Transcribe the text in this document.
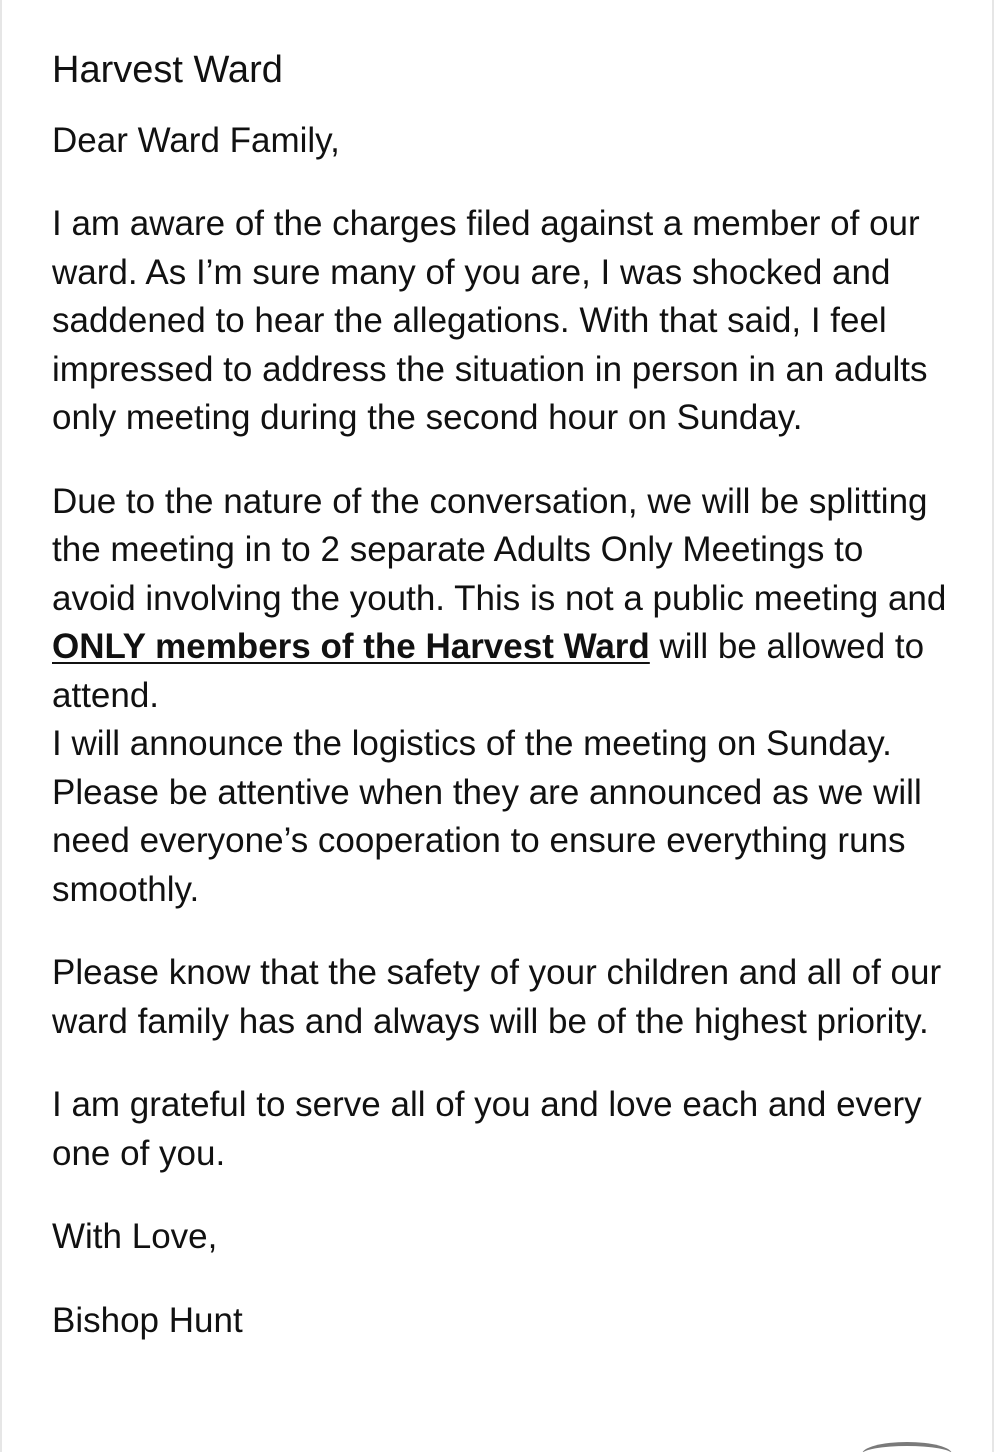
Harvest Ward
Dear Ward Family,

I am aware of the charges filed against a member of our ward. As I’m sure many of you are, I was shocked and saddened to hear the allegations. With that said, I feel impressed to address the situation in person in an adults only meeting during the second hour on Sunday.

Due to the nature of the conversation, we will be splitting the meeting in to 2 separate Adults Only Meetings to avoid involving the youth. This is not a public meeting and ONLY members of the Harvest Ward will be allowed to attend.

I will announce the logistics of the meeting on Sunday. Please be attentive when they are announced as we will need everyone’s cooperation to ensure everything runs smoothly.

Please know that the safety of your children and all of our ward family has and always will be of the highest priority.

I am grateful to serve all of you and love each and every one of you.

With Love,

Bishop Hunt
